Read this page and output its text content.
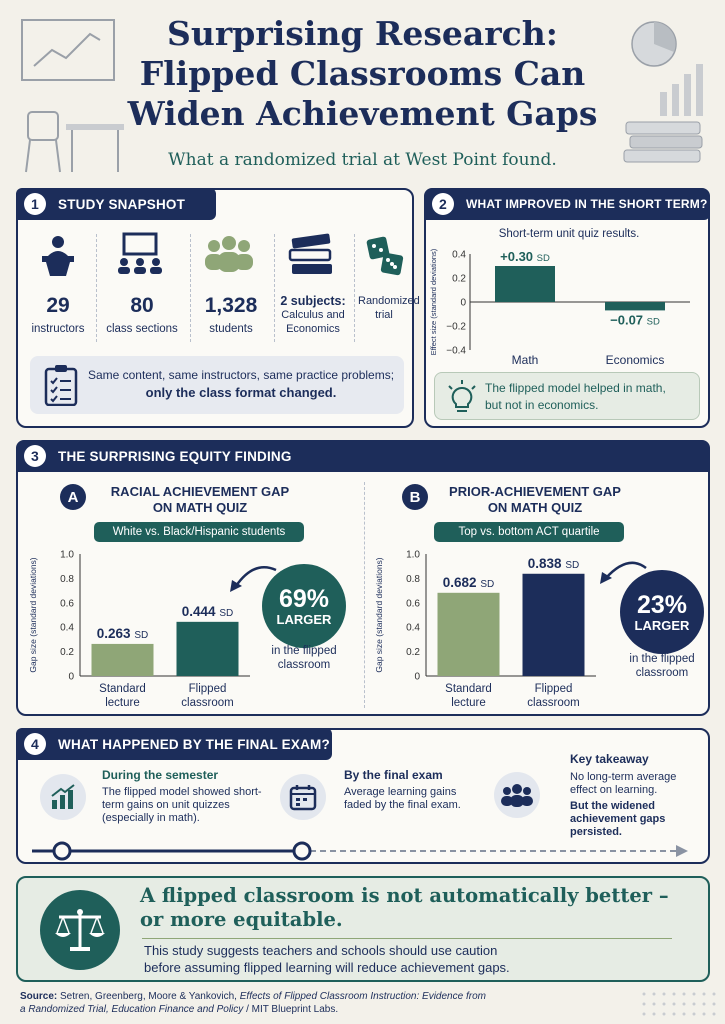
Surprising Research:
Flipped Classrooms Can
Widen Achievement Gaps
What a randomized trial at West Point found.
1	STUDY SNAPSHOT
29
instructors
80
class sections
1,328
students
2 subjects:
Calculus and Economics
Randomized trial
Same content, same instructors, same practice problems;
only the class format changed.
2	WHAT IMPROVED IN THE SHORT TERM?
Short-term unit quiz results.
Effect size (standard deviations) 0.4
0.2
0
−0.2
−0.4
+0.30 SD
Math
−0.07 SD
Economics
The flipped model helped in math,
but not in economics.
3	THE SURPRISING EQUITY FINDING
A	RACIAL ACHIEVEMENT GAP
ON MATH QUIZ
White vs. Black/Hispanic students
Gap size (standard deviations)
1.0
0.8
0.6
0.4
0.2
0
0.263 SD
Standard
lecture
0.444 SD
Flipped
classroom
69%
LARGER
in the flipped classroom
B	PRIOR-ACHIEVEMENT GAP
ON MATH QUIZ
Top vs. bottom ACT quartile
Gap size (standard deviations)
1.0
0.8
0.6
0.4
0.2
0
0.682 SD
Standard
lecture
0.838 SD
Flipped
classroom
23%
LARGER
in the flipped classroom
4	WHAT HAPPENED BY THE FINAL EXAM?
During the semester
The flipped model showed short-term gains on unit quizzes (especially in math).
By the final exam
Average learning gains faded by the final exam.
Key takeaway
No long-term average effect on learning.
But the widened achievement gaps persisted.
A flipped classroom is not automatically better –
or more equitable.
This study suggests teachers and schools should use caution
before assuming flipped learning will reduce achievement gaps.
Source: Setren, Greenberg, Moore & Yankovich, Effects of Flipped Classroom Instruction: Evidence from a Randomized Trial, Education Finance and Policy / MIT Blueprint Labs.
